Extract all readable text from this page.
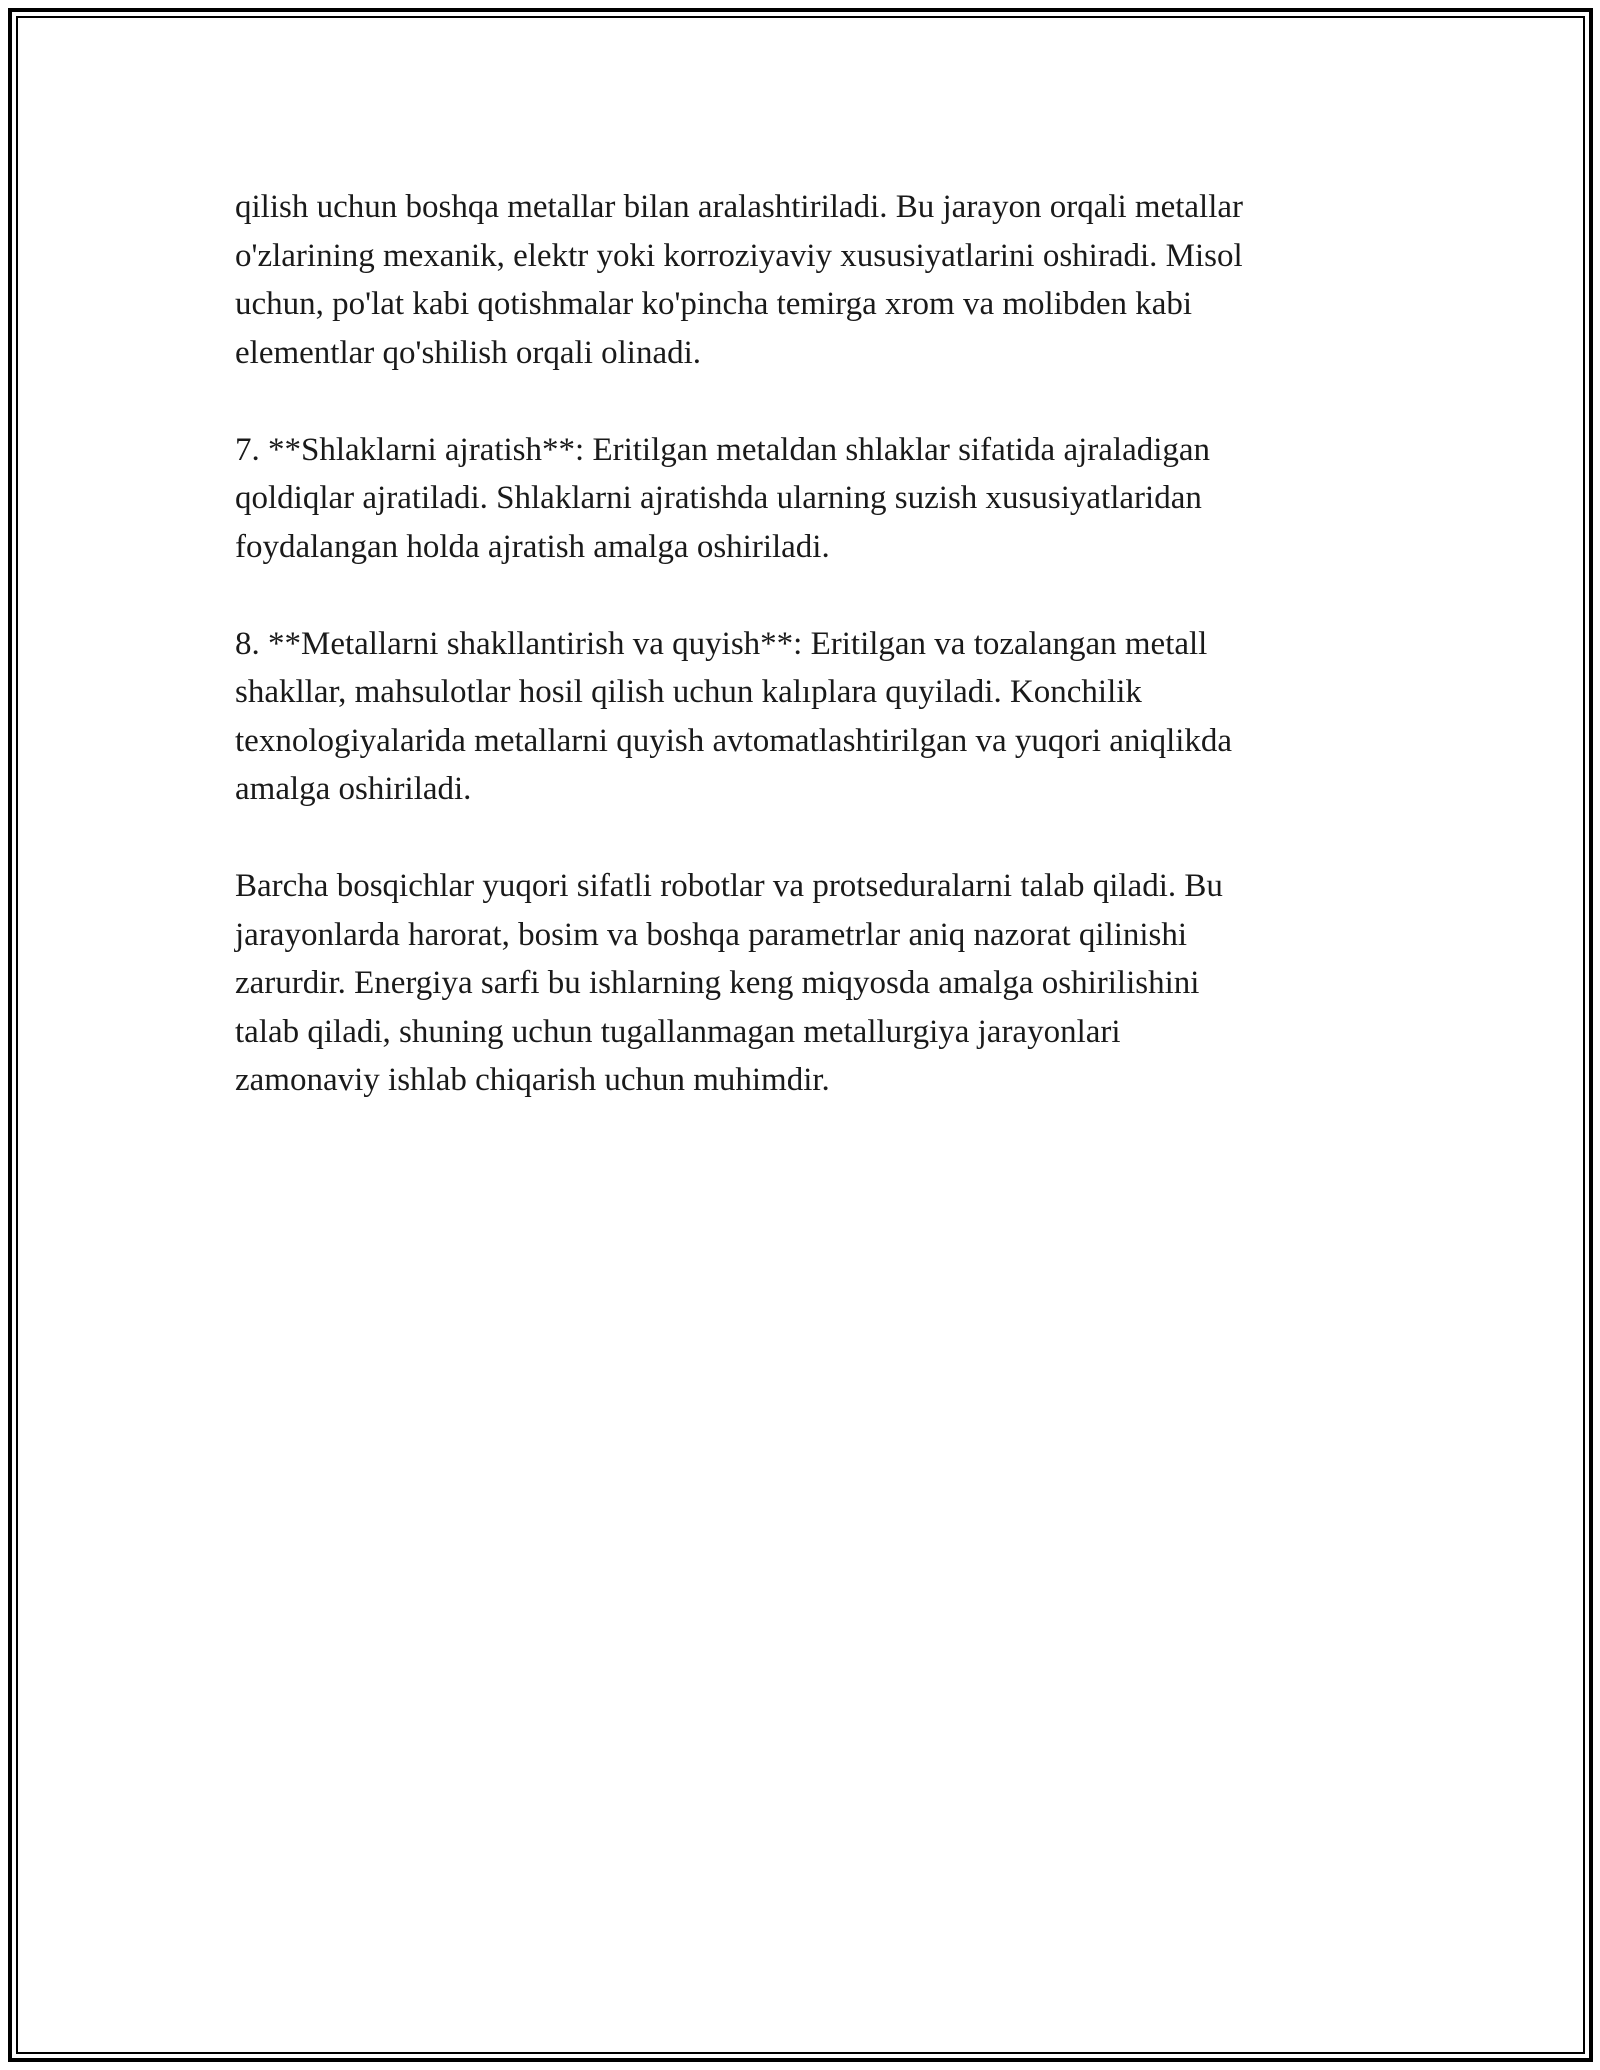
qilish uchun boshqa metallar bilan aralashtiriladi. Bu jarayon orqali metallar
o'zlarining mexanik, elektr yoki korroziyaviy xususiyatlarini oshiradi. Misol
uchun, po'lat kabi qotishmalar ko'pincha temirga xrom va molibden kabi
elementlar qo'shilish orqali olinadi.

7. **Shlaklarni ajratish**: Eritilgan metaldan shlaklar sifatida ajraladigan
qoldiqlar ajratiladi. Shlaklarni ajratishda ularning suzish xususiyatlaridan
foydalangan holda ajratish amalga oshiriladi.

8. **Metallarni shakllantirish va quyish**: Eritilgan va tozalangan metall
shakllar, mahsulotlar hosil qilish uchun kalıplara quyiladi. Konchilik
texnologiyalarida metallarni quyish avtomatlashtirilgan va yuqori aniqlikda
amalga oshiriladi.

Barcha bosqichlar yuqori sifatli robotlar va protseduralarni talab qiladi. Bu
jarayonlarda harorat, bosim va boshqa parametrlar aniq nazorat qilinishi
zarurdir. Energiya sarfi bu ishlarning keng miqyosda amalga oshirilishini
talab qiladi, shuning uchun tugallanmagan metallurgiya jarayonlari
zamonaviy ishlab chiqarish uchun muhimdir.
